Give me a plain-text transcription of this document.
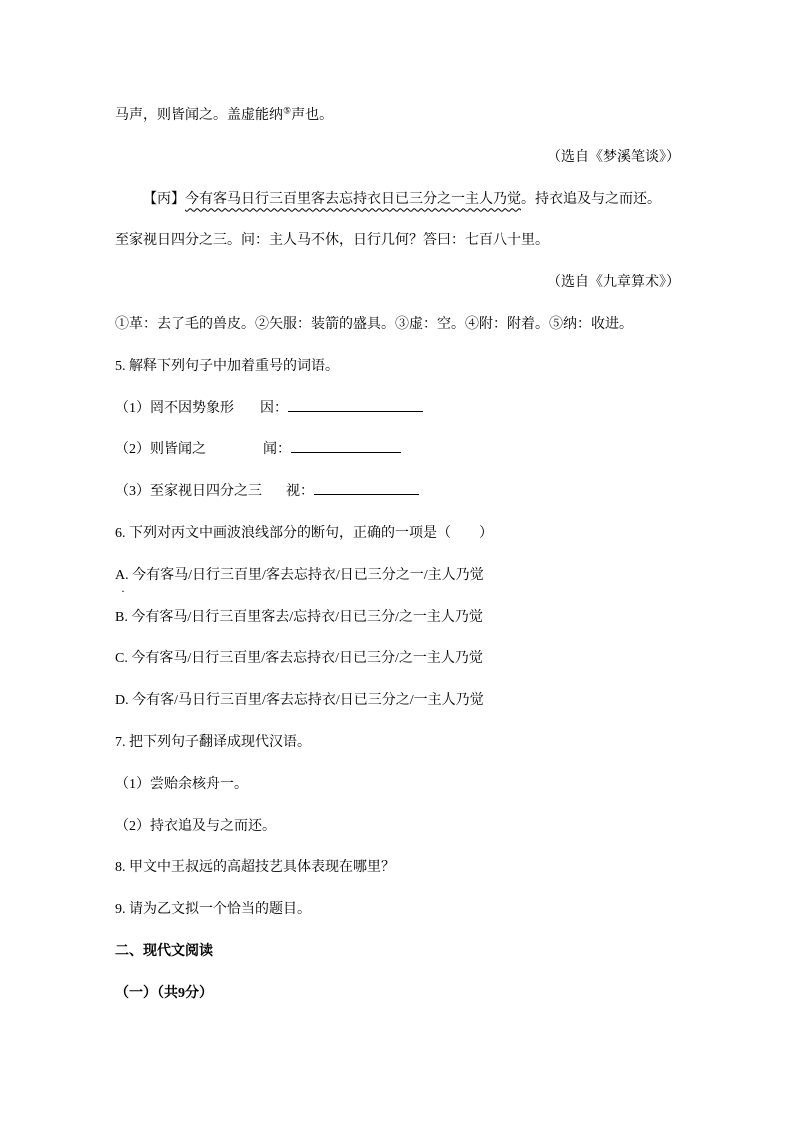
马声，则皆闻之。盖虚能纳⑤声也。

（选自《梦溪笔谈》）

【丙】今有客马日行三百里客去忘持衣日已三分之一主人乃觉。持衣追及与之而还。

至家视日四分之三。问：主人马不休，日行几何？答曰：七百八十里。

（选自《九章算术》）

①革：去了毛的兽皮。②矢服：装箭的盛具。③虚：空。④附：附着。⑤纳：收进。

5. 解释下列句子中加着重号的词语。

（1）罔不因势象形 因：

（2）则皆闻之	闻：

（3）至家视日四分之三 视：

6. 下列对丙文中画波浪线部分的断句，正确的一项是（　　）

A. 今有客马/日行三百里/客去忘持衣/日已三分之一/主人乃觉
·

B. 今有客马/日行三百里客去/忘持衣/日已三分/之一主人乃觉

C. 今有客马/日行三百里/客去忘持衣/日已三分/之一主人乃觉

D. 今有客/马日行三百里/客去忘持衣/日已三分之/一主人乃觉

7. 把下列句子翻译成现代汉语。

（1）尝贻余核舟一。

（2）持衣追及与之而还。

8. 甲文中王叔远的高超技艺具体表现在哪里？

9. 请为乙文拟一个恰当的题目。

二、现代文阅读

（一）（共9分）
